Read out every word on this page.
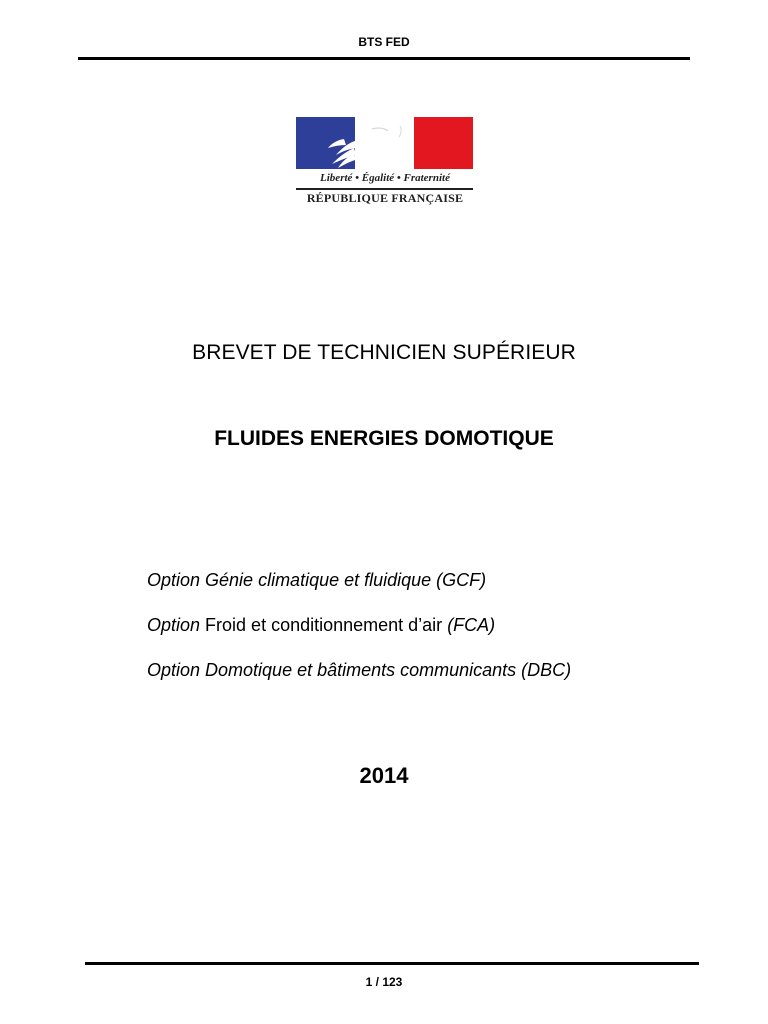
BTS FED
Liberté • Égalité • Fraternité
RÉPUBLIQUE FRANÇAISE
BREVET DE TECHNICIEN SUPÉRIEUR
FLUIDES ENERGIES DOMOTIQUE
Option Génie climatique et fluidique (GCF)
Option Froid et conditionnement d’air (FCA)
Option Domotique et bâtiments communicants (DBC)
2014
1 / 123
